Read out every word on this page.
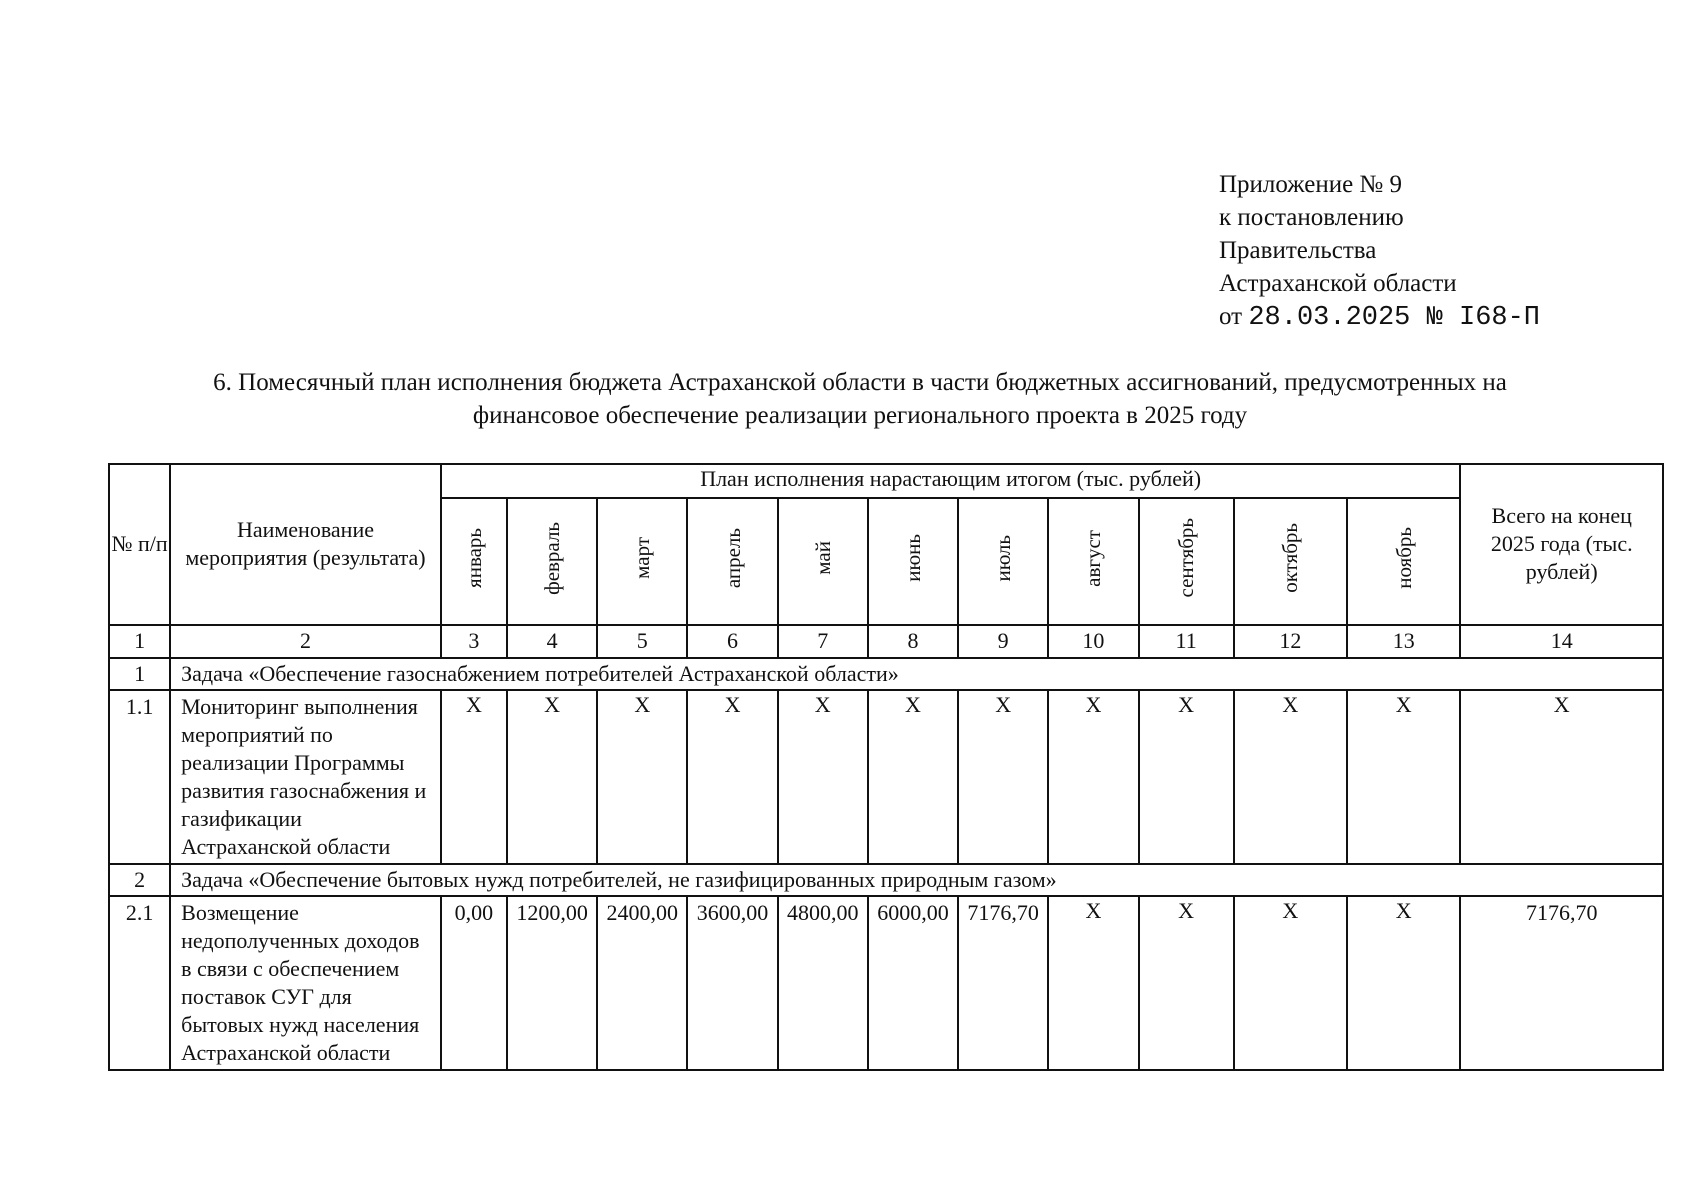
Приложение № 9
к постановлению
Правительства
Астраханской области
от 28.03.2025 № I68-П
6. Помесячный план исполнения бюджета Астраханской области в части бюджетных ассигнований, предусмотренных на
финансовое обеспечение реализации регионального проекта в 2025 году
№ п/п	Наименование мероприятия (результата)	План исполнения нарастающим итогом (тыс. рублей)											Всего на конец 2025 года (тыс. рублей)
		январь	февраль	март	апрель	май	июнь	июль	август	сентябрь	октябрь	ноябрь	
1	2	3	4	5	6	7	8	9	10	11	12	13	14
1	Задача «Обеспечение газоснабжением потребителей Астраханской области»												
1.1	Мониторинг выполнения мероприятий по реализации Программы развития газоснабжения и газификации Астраханской области	Х	Х	Х	Х	Х	Х	Х	Х	Х	Х	Х	Х
2	Задача «Обеспечение бытовых нужд потребителей, не газифицированных природным газом»												
2.1	Возмещение недополученных доходов в связи с обеспечением поставок СУГ для бытовых нужд населения Астраханской области	0,00	1200,00	2400,00	3600,00	4800,00	6000,00	7176,70	Х	Х	Х	Х	7176,70
